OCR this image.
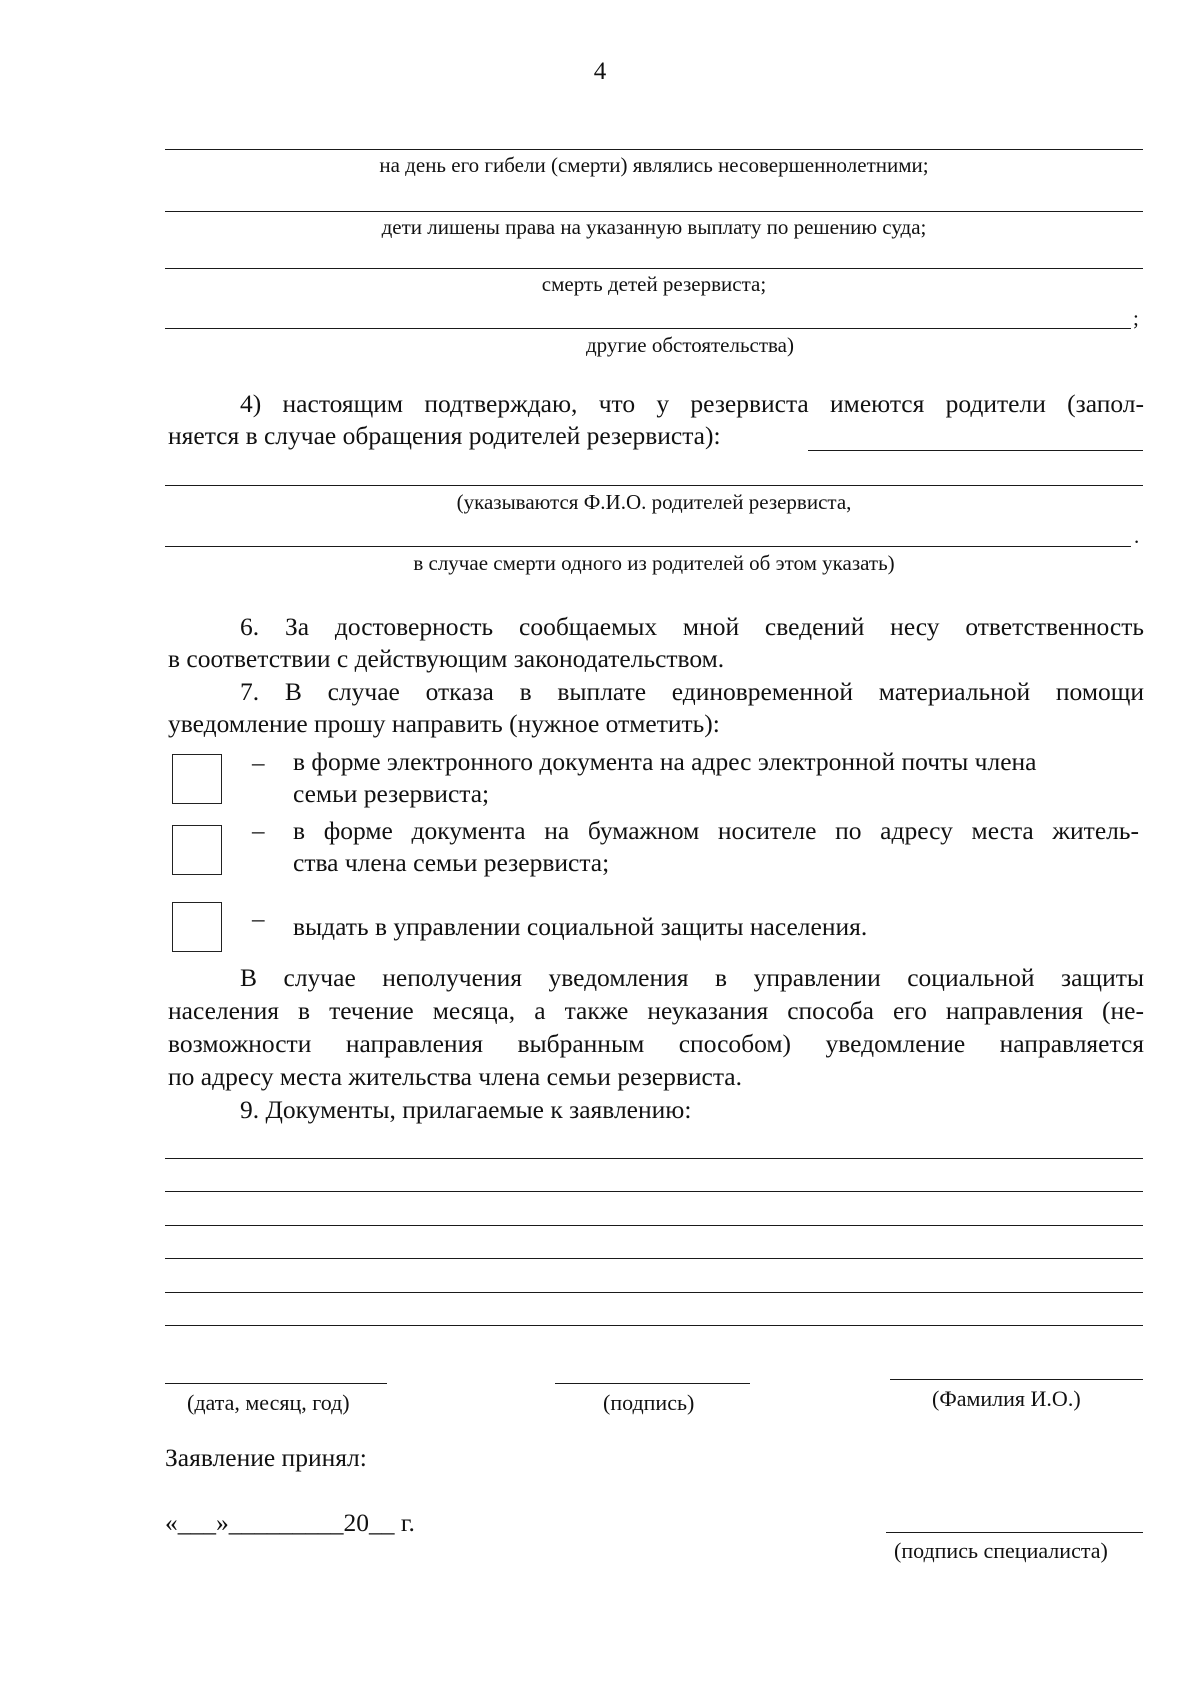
4
на день его гибели (смерти) являлись несовершеннолетними;
дети лишены права на указанную выплату по решению суда;
смерть детей резервиста;
;
другие обстоятельства)
4) настоящим подтверждаю, что у резервиста имеются родители (запол-
няется в случае обращения родителей резервиста):
(указываются Ф.И.О. родителей резервиста,
.
в случае смерти одного из родителей об этом указать)
6. За достоверность сообщаемых мной сведений несу ответственность
в соответствии с действующим законодательством.
7. В случае отказа в выплате единовременной материальной помощи
уведомление прошу направить (нужное отметить):
– в форме электронного документа на адрес электронной почты члена
семьи резервиста;
– в форме документа на бумажном носителе по адресу места житель-
ства члена семьи резервиста;
– выдать в управлении социальной защиты населения.
В случае неполучения уведомления в управлении социальной защиты
населения в течение месяца, а также неуказания способа его направления (не-
возможности направления выбранным способом) уведомление направляется
по адресу места жительства члена семьи резервиста.
9. Документы, прилагаемые к заявлению:
(дата, месяц, год)	(подпись)	(Фамилия И.О.)
Заявление принял:
«___»_________20__ г.
(подпись специалиста)
